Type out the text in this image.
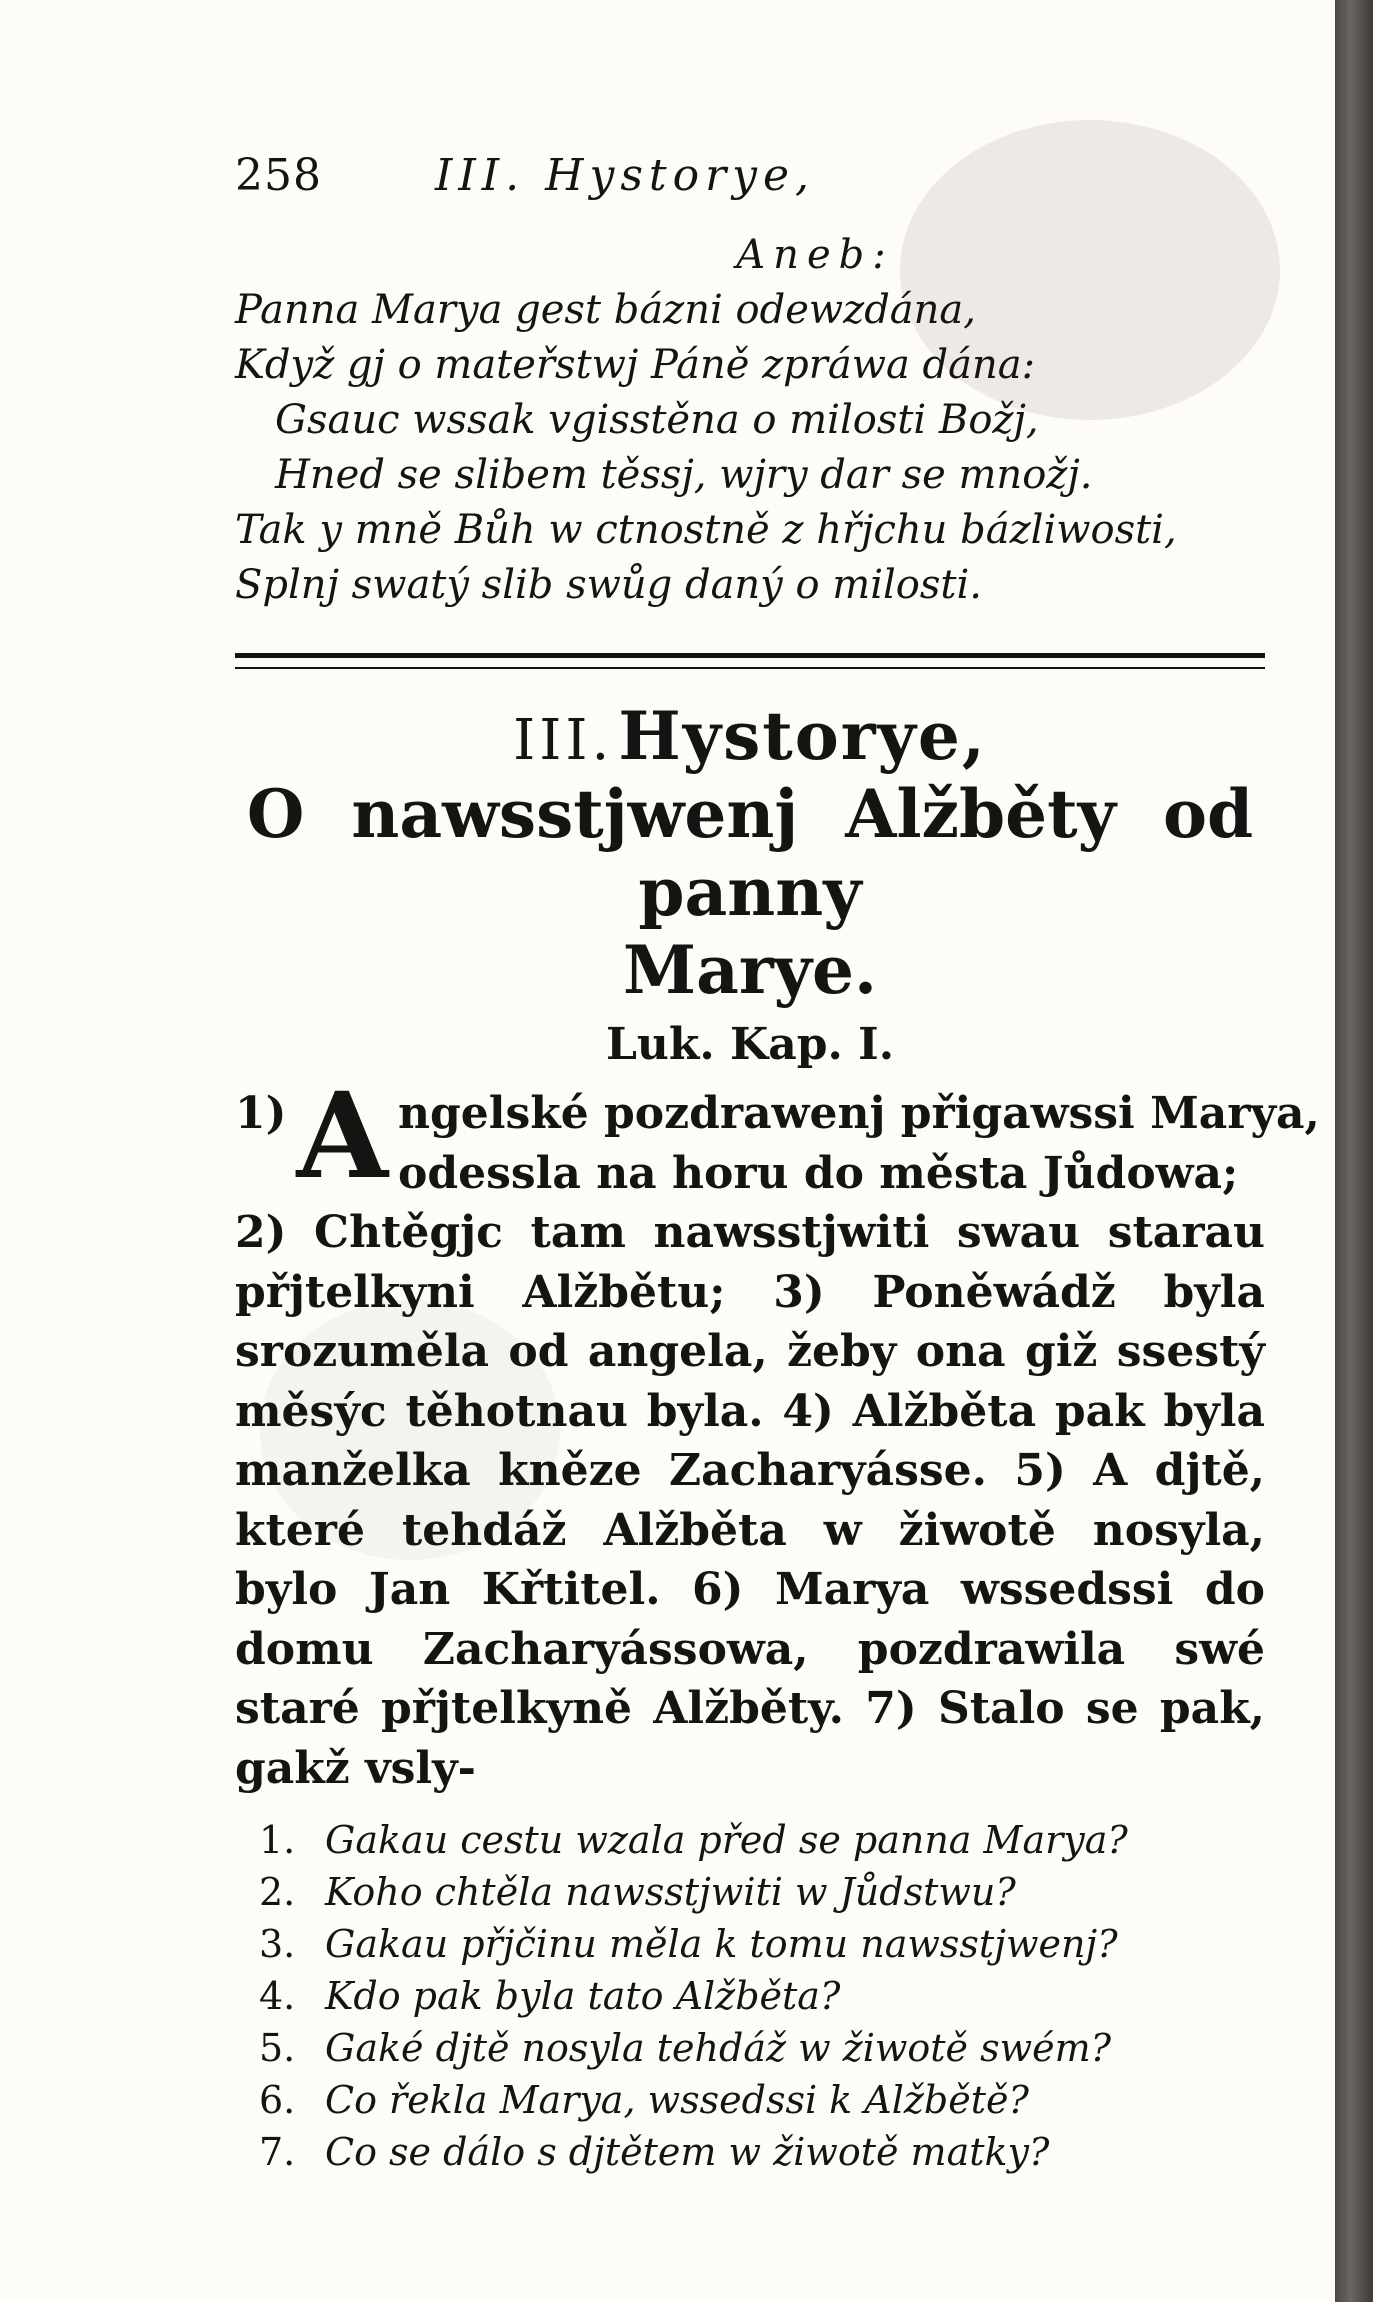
258	III. Hystorye,
Aneb:
Panna Marya gest bázni odewzdána,
Když gj o mateřstwj Páně zpráwa dána:
Gsauc wssak vgisstěna o milosti Božj,
Hned se slibem těssj, wjry dar se množj.
Tak y mně Bůh w ctnostně z hřjchu bázliwosti,
Splnj swatý slib swůg daný o milosti.
III. Hystorye,
O nawsstjwenj Alžběty od panny
Marye.
Luk. Kap. I.
1) A ngelské pozdrawenj přigawssi Marya,
odessla na horu do města Jůdowa;
2) Chtěgjc tam nawsstjwiti swau starau přjtelkyni Alžbětu; 3) Poněwádž byla srozuměla od angela, žeby ona giž ssestý měsýc těhotnau byla. 4) Alžběta pak byla manželka kněze Zacharyásse. 5) A djtě, které tehdáž Alžběta w žiwotě nosyla, bylo Jan Křtitel. 6) Marya wssedssi do domu Zacharyássowa, pozdrawila swé staré přjtelkyně Alžběty. 7) Stalo se pak, gakž vsly-
1. Gakau cestu wzala před se panna Marya?
2. Koho chtěla nawsstjwiti w Jůdstwu?
3. Gakau přjčinu měla k tomu nawsstjwenj?
4. Kdo pak byla tato Alžběta?
5. Gaké djtě nosyla tehdáž w žiwotě swém?
6. Co řekla Marya, wssedssi k Alžbětě?
7. Co se dálo s djtětem w žiwotě matky?
